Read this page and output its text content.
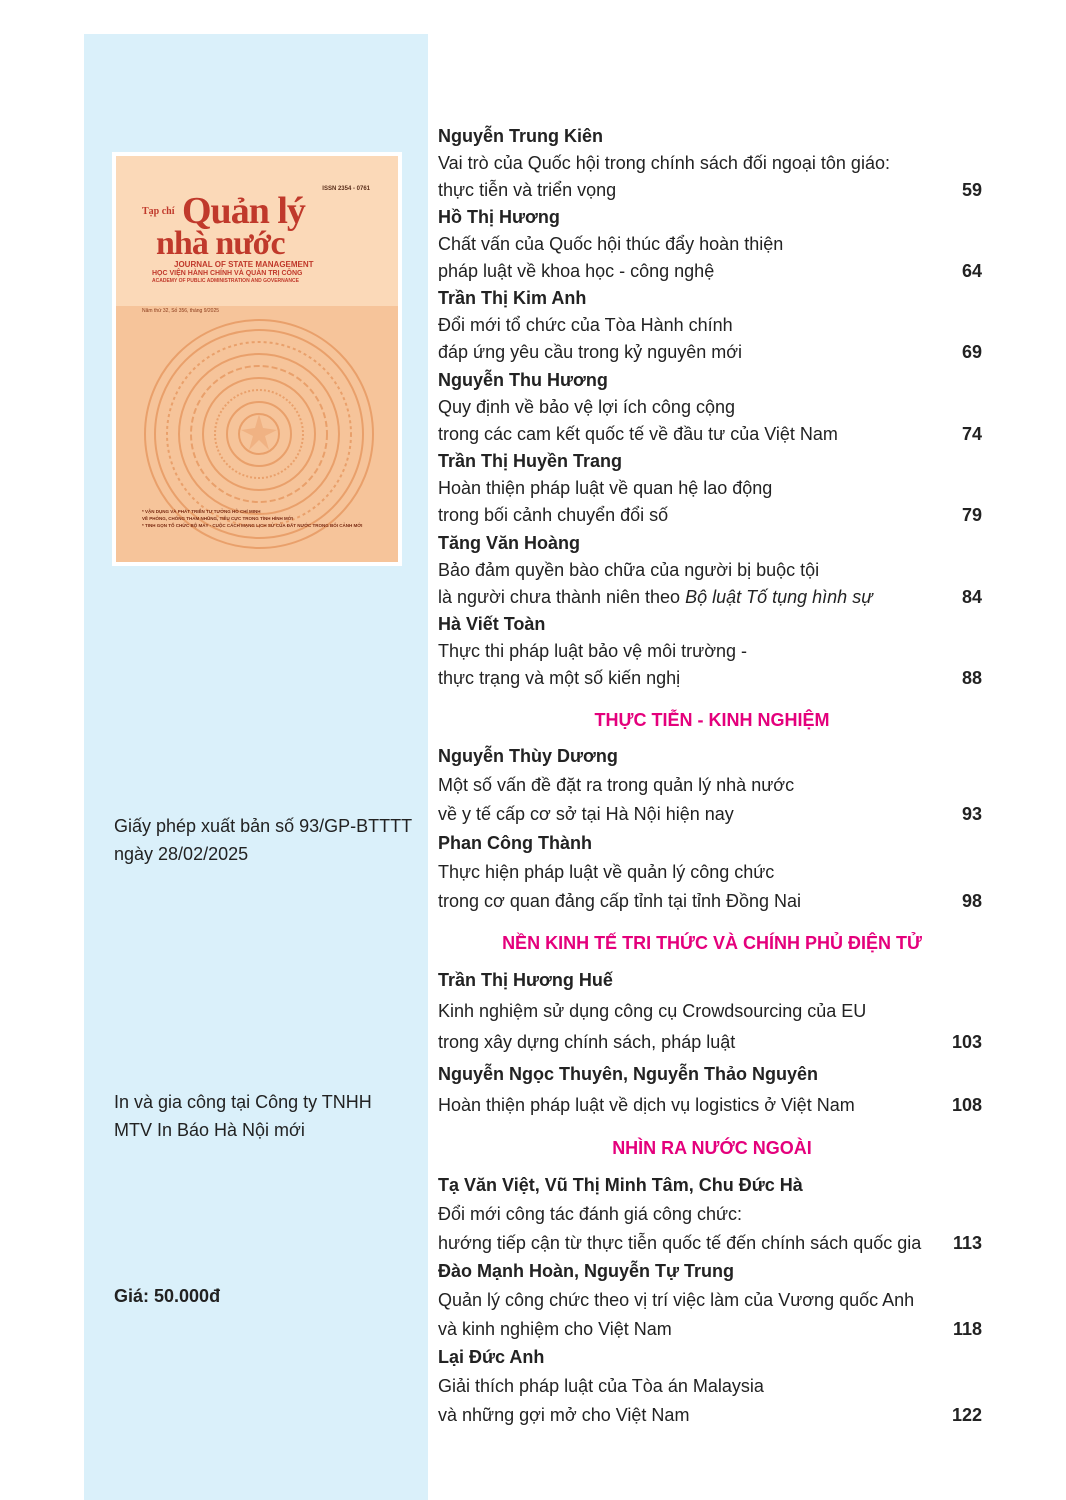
ISSN 2354 - 0761
Tạp chí Quản lý
nhà nước
JOURNAL OF STATE MANAGEMENT
HỌC VIỆN HÀNH CHÍNH VÀ QUẢN TRỊ CÔNG
ACADEMY OF PUBLIC ADMINISTRATION AND GOVERNANCE
Năm thứ 32, Số 356, tháng 9/2025
* VẬN DỤNG VÀ PHÁT TRIỂN TƯ TƯỞNG HỒ CHÍ MINH
VỀ PHÒNG, CHỐNG THAM NHŨNG, TIÊU CỰC TRONG TÌNH HÌNH MỚI
* TINH GỌN TỔ CHỨC BỘ MÁY - CUỘC CÁCH MẠNG LỊCH SỬ CỦA ĐẤT NƯỚC TRONG BỐI CẢNH MỚI
Giấy phép xuất bản số 93/GP-BTTTT
ngày 28/02/2025
In và gia công tại Công ty TNHH
MTV In Báo Hà Nội mới
Giá: 50.000đ
Nguyễn Trung Kiên
Vai trò của Quốc hội trong chính sách đối ngoại tôn giáo:
thực tiễn và triển vọng	59
Hồ Thị Hương
Chất vấn của Quốc hội thúc đẩy hoàn thiện
pháp luật về khoa học - công nghệ	64
Trần Thị Kim Anh
Đổi mới tổ chức của Tòa Hành chính
đáp ứng yêu cầu trong kỷ nguyên mới	69
Nguyễn Thu Hương
Quy định về bảo vệ lợi ích công cộng
trong các cam kết quốc tế về đầu tư của Việt Nam	74
Trần Thị Huyền Trang
Hoàn thiện pháp luật về quan hệ lao động
trong bối cảnh chuyển đổi số	79
Tăng Văn Hoàng
Bảo đảm quyền bào chữa của người bị buộc tội
là người chưa thành niên theo Bộ luật Tố tụng hình sự	84
Hà Viết Toàn
Thực thi pháp luật bảo vệ môi trường -
thực trạng và một số kiến nghị	88
THỰC TIỄN - KINH NGHIỆM
Nguyễn Thùy Dương
Một số vấn đề đặt ra trong quản lý nhà nước
về y tế cấp cơ sở tại Hà Nội hiện nay	93
Phan Công Thành
Thực hiện pháp luật về quản lý công chức
trong cơ quan đảng cấp tỉnh tại tỉnh Đồng Nai	98
NỀN KINH TẾ TRI THỨC VÀ CHÍNH PHỦ ĐIỆN TỬ
Trần Thị Hương Huế
Kinh nghiệm sử dụng công cụ Crowdsourcing của EU
trong xây dựng chính sách, pháp luật	103
Nguyễn Ngọc Thuyên, Nguyễn Thảo Nguyên
Hoàn thiện pháp luật về dịch vụ logistics ở Việt Nam	108
NHÌN RA NƯỚC NGOÀI
Tạ Văn Việt, Vũ Thị Minh Tâm, Chu Đức Hà
Đổi mới công tác đánh giá công chức:
hướng tiếp cận từ thực tiễn quốc tế đến chính sách quốc gia 113
Đào Mạnh Hoàn, Nguyễn Tự Trung
Quản lý công chức theo vị trí việc làm của Vương quốc Anh
và kinh nghiệm cho Việt Nam	118
Lại Đức Anh
Giải thích pháp luật của Tòa án Malaysia
và những gợi mở cho Việt Nam	122
